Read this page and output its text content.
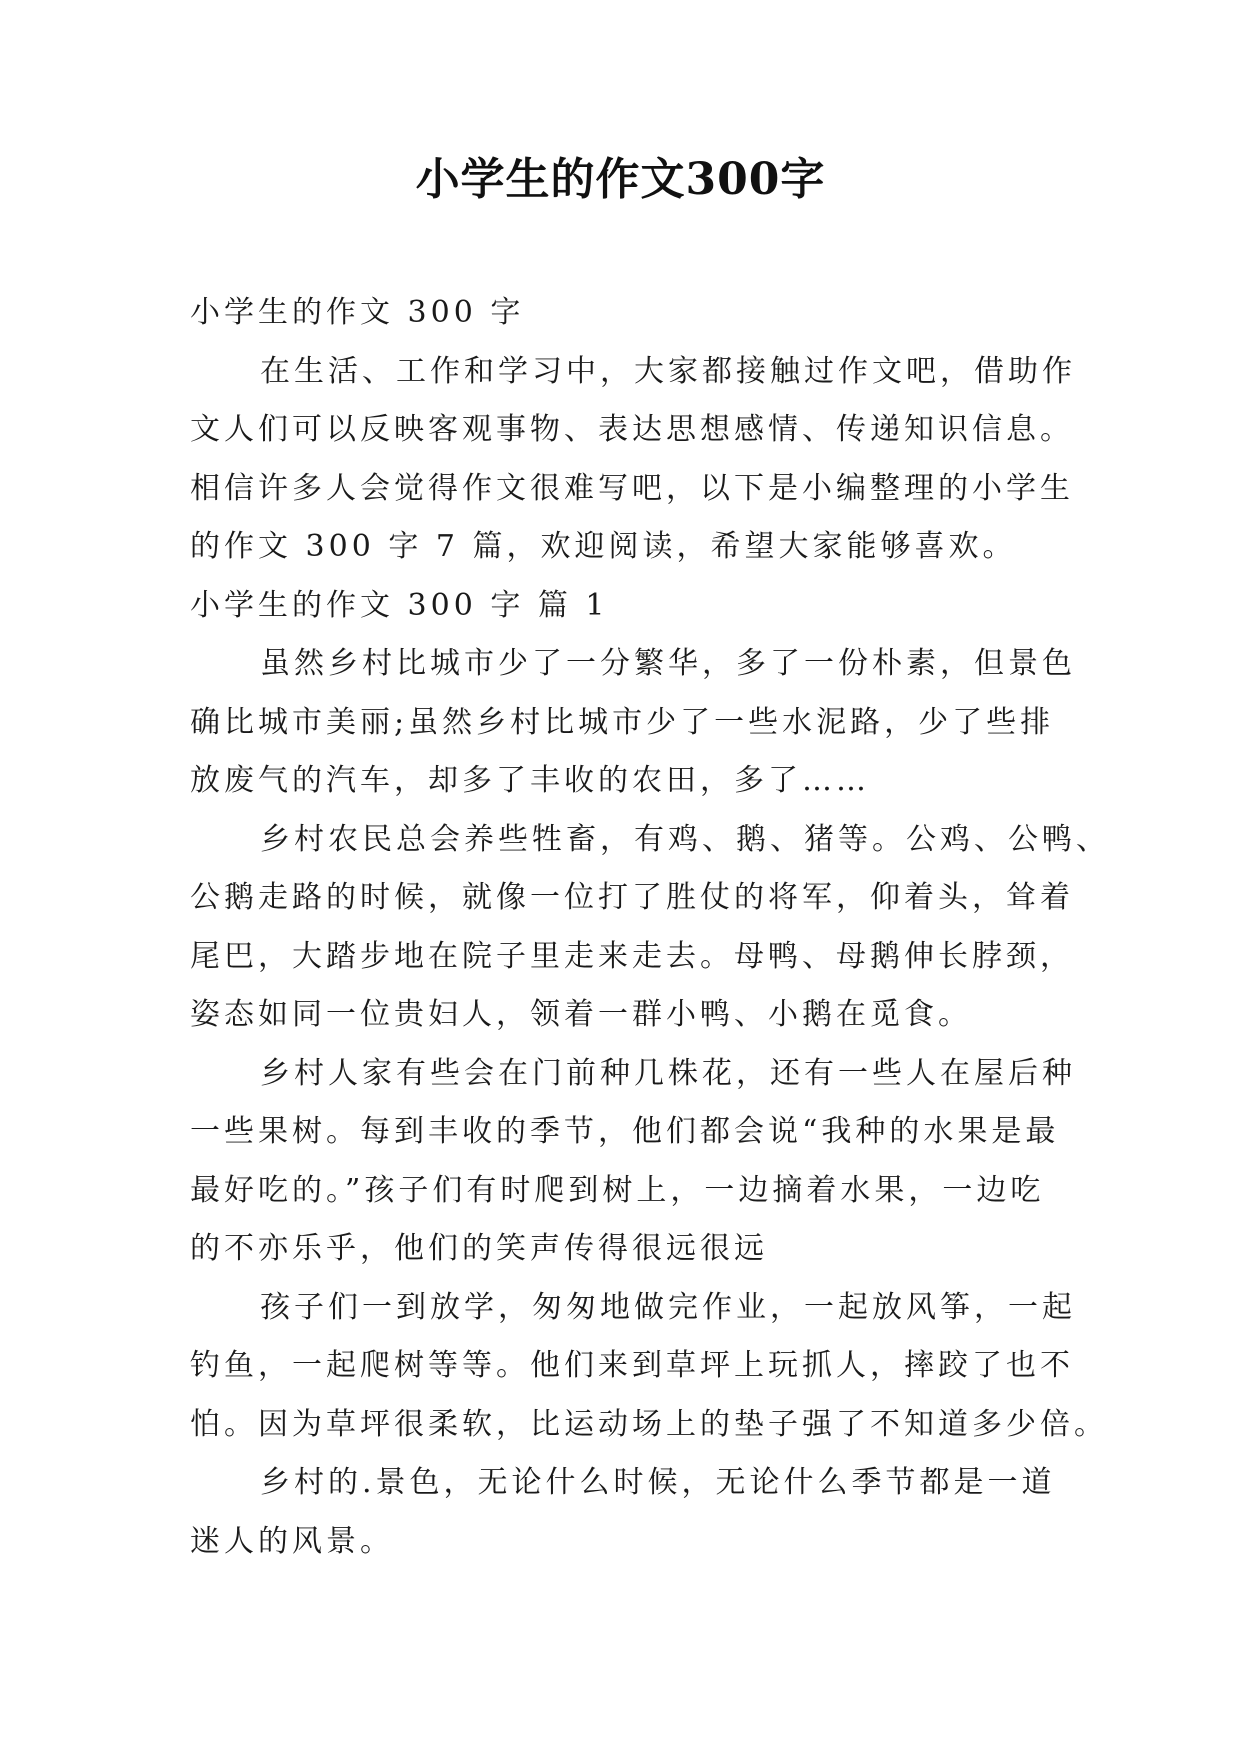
小学生的作文300字
小学生的作文 300 字
在生活、工作和学习中，大家都接触过作文吧，借助作
文人们可以反映客观事物、表达思想感情、传递知识信息。
相信许多人会觉得作文很难写吧，以下是小编整理的小学生
的作文 300 字 7 篇，欢迎阅读，希望大家能够喜欢。
小学生的作文 300 字 篇 1
虽然乡村比城市少了一分繁华，多了一份朴素，但景色
确比城市美丽;虽然乡村比城市少了一些水泥路，少了些排
放废气的汽车，却多了丰收的农田，多了……
乡村农民总会养些牲畜，有鸡、鹅、猪等。公鸡、公鸭、
公鹅走路的时候，就像一位打了胜仗的将军，仰着头，耸着
尾巴，大踏步地在院子里走来走去。母鸭、母鹅伸长脖颈，
姿态如同一位贵妇人，领着一群小鸭、小鹅在觅食。
乡村人家有些会在门前种几株花，还有一些人在屋后种
一些果树。每到丰收的季节，他们都会说“我种的水果是最
最好吃的。”孩子们有时爬到树上，一边摘着水果，一边吃
的不亦乐乎，他们的笑声传得很远很远
孩子们一到放学，匆匆地做完作业，一起放风筝，一起
钓鱼，一起爬树等等。他们来到草坪上玩抓人，摔跤了也不
怕。因为草坪很柔软，比运动场上的垫子强了不知道多少倍。
乡村的.景色，无论什么时候，无论什么季节都是一道
迷人的风景。
